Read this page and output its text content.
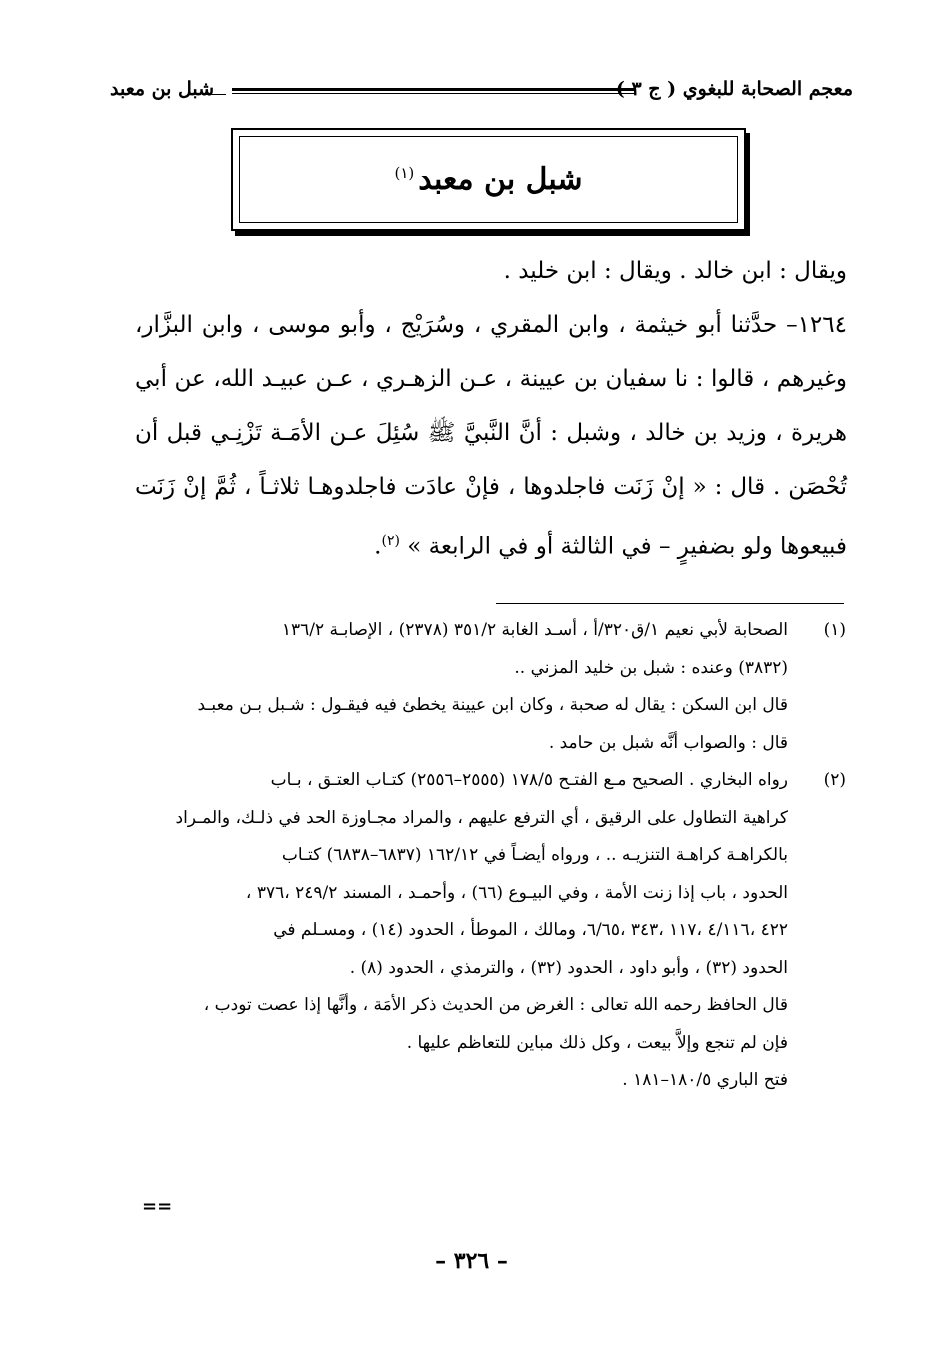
معجم الصحابة للبغوي ( ج ٣ )
شبل بن معبد
شبل بن معبد$^{(١)}$

ويقال : ابن خالد . ويقال : ابن خليد .

١٢٦٤– حدَّثنا أبو خيثمة ، وابن المقري ، وسُرَيْج ، وأبو موسى ، وابن البزَّار، وغيرهم ، قالوا : نا سفيان بن عيينة ، عـن الزهـري ، عـن عبيـد الله، عن أبي هريرة ، وزيد بن خالد ، وشبل : أنَّ النَّبيَّ ﷺ سُئِلَ عـن الأمَـة تَزْنِـي قبل أن تُحْصَن . قال : « إنْ زَنَت فاجلدوها ، فإنْ عادَت فاجلدوهـا ثلاثـاً ، ثُمَّ إنْ زَنَت فبيعوها ولو بضفيرٍ – في الثالثة أو في الرابعة » $^{(٢)}$.

(١)
الصحابة لأبي نعيم ١/ق٣٢٠/أ ، أسـد الغابة ٣٥١/٢ (٢٣٧٨) ، الإصابـة ١٣٦/٢
(٣٨٣٢) وعنده : شبل بن خليد المزني ..
قال ابن السكن : يقال له صحبة ، وكان ابن عيينة يخطئ فيه فيقـول : شـبل بـن معبـد
قال : والصواب أنَّه شبل بن حامد .
(٢)
رواه البخاري . الصحيح مـع الفتـح ١٧٨/٥ (٢٥٥٥–٢٥٥٦) كتـاب العتـق ، بـاب
كراهية التطاول على الرقيق ، أي الترفع عليهم ، والمراد مجـاوزة الحد في ذلـك، والمـراد
بالكراهـة كراهـة التنزيـه .. ، ورواه أيضـاً في ١٦٢/١٢ (٦٨٣٧–٦٨٣٨) كتـاب
الحدود ، باب إذا زنت الأمة ، وفي البيـوع (٦٦) ، وأحمـد ، المسند ٢٤٩/٢ ،٣٧٦ ،
٤٢٢ ،٤/١١٦ ،١١٧ ،٣٤٣ ،٦/٦٥، ومالك ، الموطأ ، الحدود (١٤) ، ومسـلم في
الحدود (٣٢) ، وأبو داود ، الحدود (٣٢) ، والترمذي ، الحدود (٨) .
قال الحافظ رحمه الله تعالى : الغرض من الحديث ذكر الأمَة ، وأنَّها إذا عصت تودب ،
فإن لم تنجع وإلاَّ بيعت ، وكل ذلك مباين للتعاظم عليها .
فتح الباري ١٨٠/٥–١٨١ .
==
– ٣٢٦ –
